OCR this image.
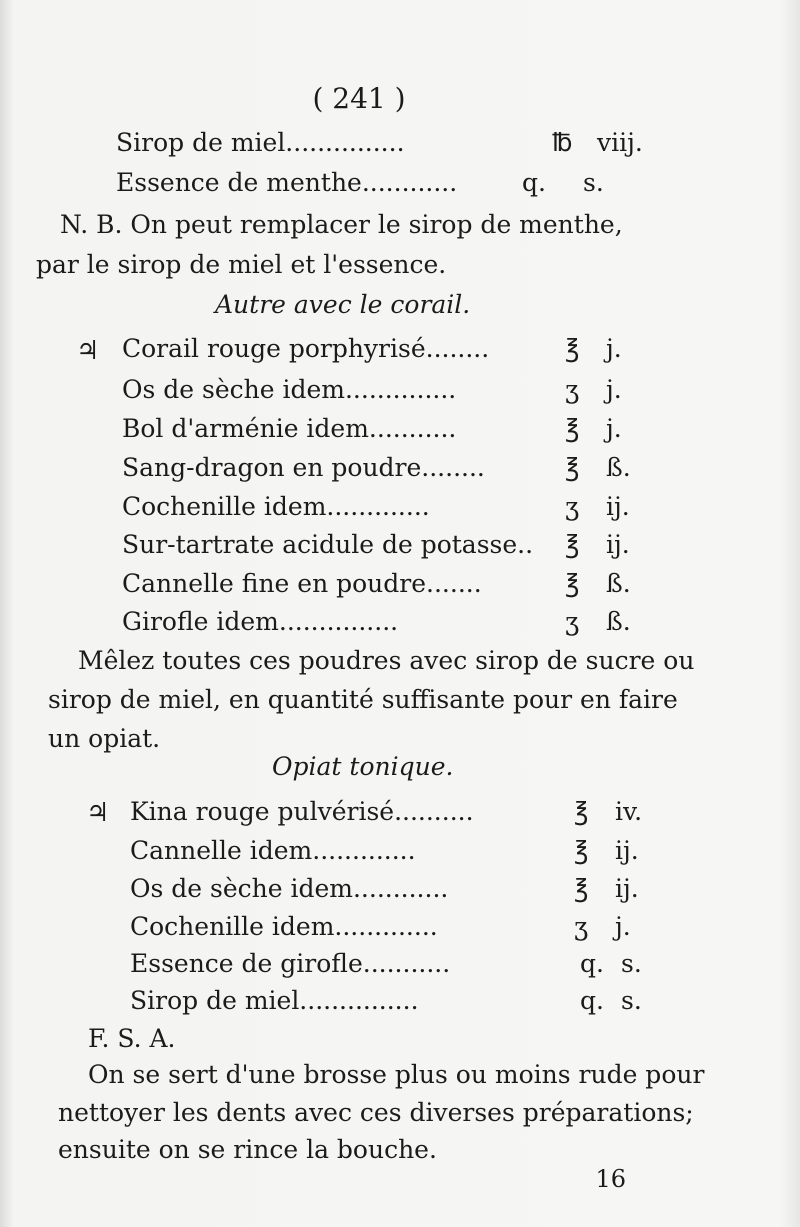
( 241 )
Sirop de miel...............	℔ viij.
Essence de menthe............	q. s.
N. B. On peut remplacer le sirop de menthe,
par le sirop de miel et l'essence.
Autre avec le corail.
♃ Corail rouge porphyrisé........	℥ j.
Os de sèche idem..............	ʒ j.
Bol d'arménie idem...........	℥ j.
Sang-dragon en poudre........	℥ ß.
Cochenille idem.............	ʒ ij.
Sur-tartrate acidule de potasse.. ℥ ij.
Cannelle fine en poudre.......	℥ ß.
Girofle idem...............	ʒ ß.
Mêlez toutes ces poudres avec sirop de sucre ou
sirop de miel, en quantité suffisante pour en faire
un opiat.
Opiat tonique.
♃ Kina rouge pulvérisé..........	℥ iv.
Cannelle idem.............	℥ ij.
Os de sèche idem............	℥ ij.
Cochenille idem.............	ʒ j.
Essence de girofle...........	q. s.
Sirop de miel...............	q. s.
F. S. A.
On se sert d'une brosse plus ou moins rude pour
nettoyer les dents avec ces diverses préparations;
ensuite on se rince la bouche.
16
